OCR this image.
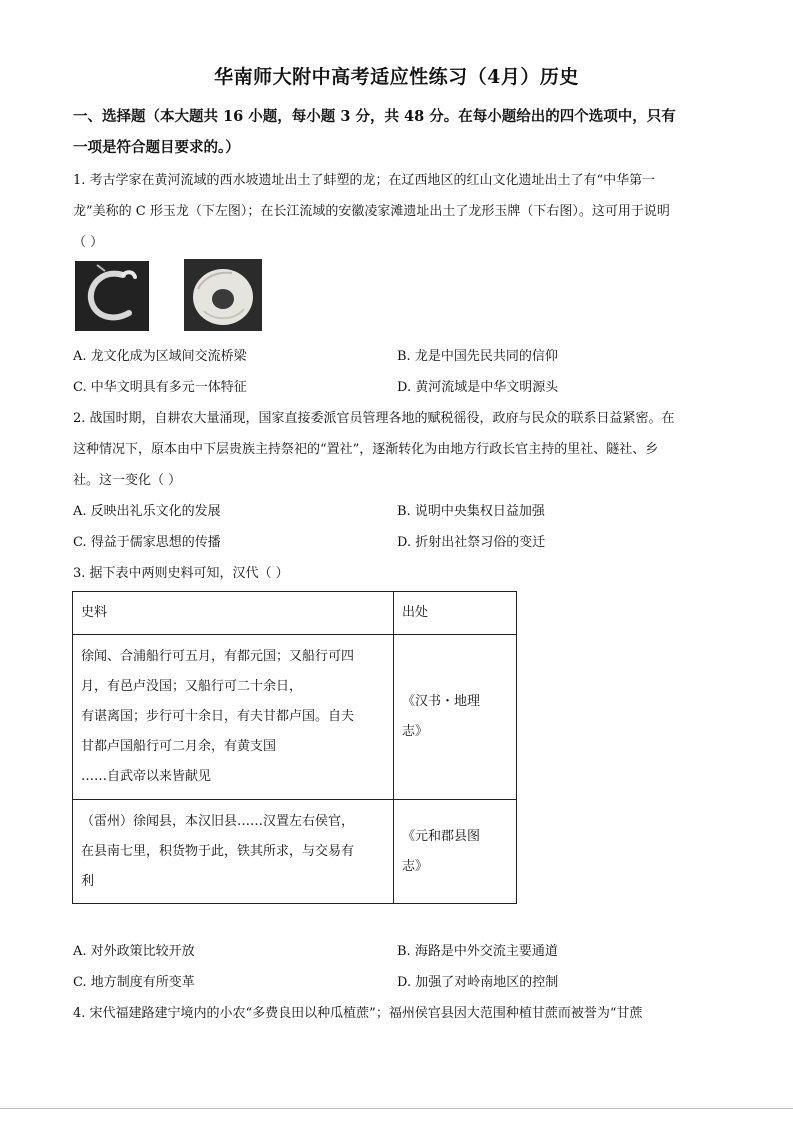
华南师大附中高考适应性练习（4月）历史
一、选择题（本大题共 16 小题，每小题 3 分，共 48 分。在每小题给出的四个选项中，只有
一项是符合题目要求的。）
1. 考古学家在黄河流域的西水坡遗址出土了蚌塑的龙；在辽西地区的红山文化遗址出土了有“中华第一
龙”美称的 C 形玉龙（下左图）；在长江流域的安徽凌家滩遗址出土了龙形玉牌（下右图）。这可用于说明
（ ）
A. 龙文化成为区域间交流桥梁	B. 龙是中国先民共同的信仰
C. 中华文明具有多元一体特征	D. 黄河流域是中华文明源头
2. 战国时期，自耕农大量涌现，国家直接委派官员管理各地的赋税徭役，政府与民众的联系日益紧密。在
这种情况下，原本由中下层贵族主持祭祀的“置社”，逐渐转化为由地方行政长官主持的里社、隧社、乡
社。这一变化（ ）
A. 反映出礼乐文化的发展	B. 说明中央集权日益加强
C. 得益于儒家思想的传播	D. 折射出社祭习俗的变迁
3. 据下表中两则史料可知，汉代（ ）
史料	出处

徐闻、合浦船行可五月，有都元国；又船行可四
月，有邑卢没国；又船行可二十余日，
有谌离国；步行可十余日，有夫甘都卢国。自夫
甘都卢国船行可二月余，有黄支国
……自武帝以来皆献见	《汉书・地理
志》

（雷州）徐闻县，本汉旧县……汉置左右侯官，
在县南七里，积货物于此，铁其所求，与交易有
利	《元和郡县图
志》
A. 对外政策比较开放	B. 海路是中外交流主要通道
C. 地方制度有所变革	D. 加强了对岭南地区的控制
4. 宋代福建路建宁境内的小农“多费良田以种瓜植蔗”；福州侯官县因大范围种植甘蔗而被誉为“甘蔗
